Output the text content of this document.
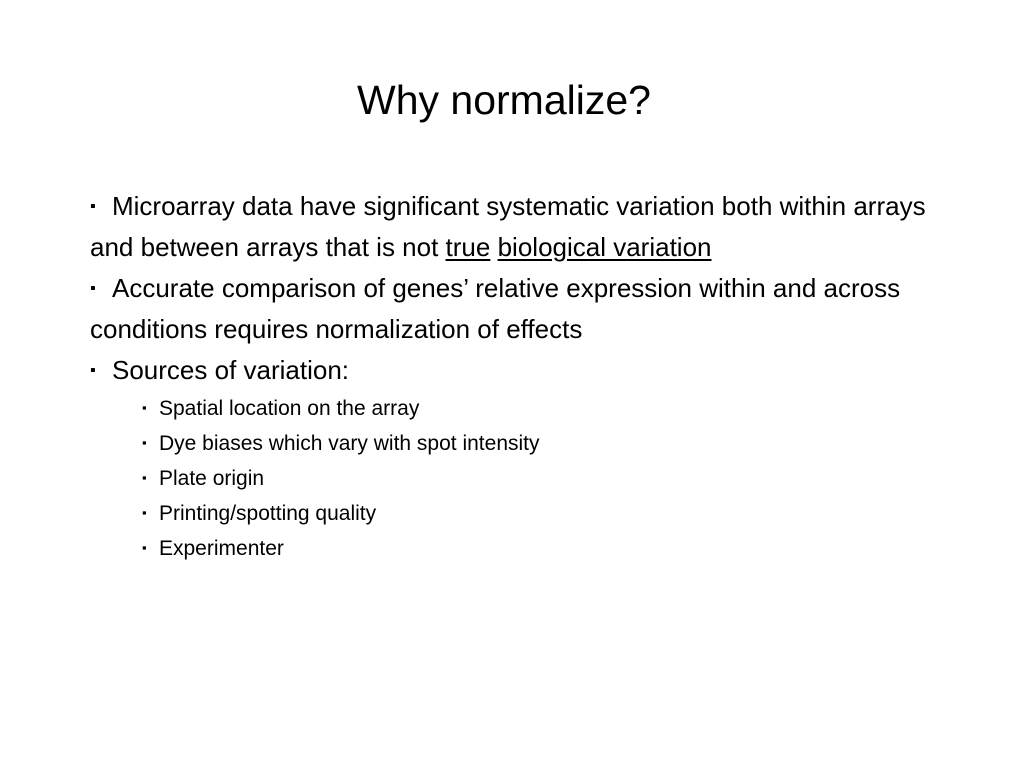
Why normalize?

▪ Microarray data have significant systematic variation both within arrays and between arrays that is not true biological variation

▪ Accurate comparison of genes’ relative expression within and across conditions requires normalization of effects

▪ Sources of variation:

▪ Spatial location on the array
▪ Dye biases which vary with spot intensity
▪ Plate origin
▪ Printing/spotting quality
▪ Experimenter
